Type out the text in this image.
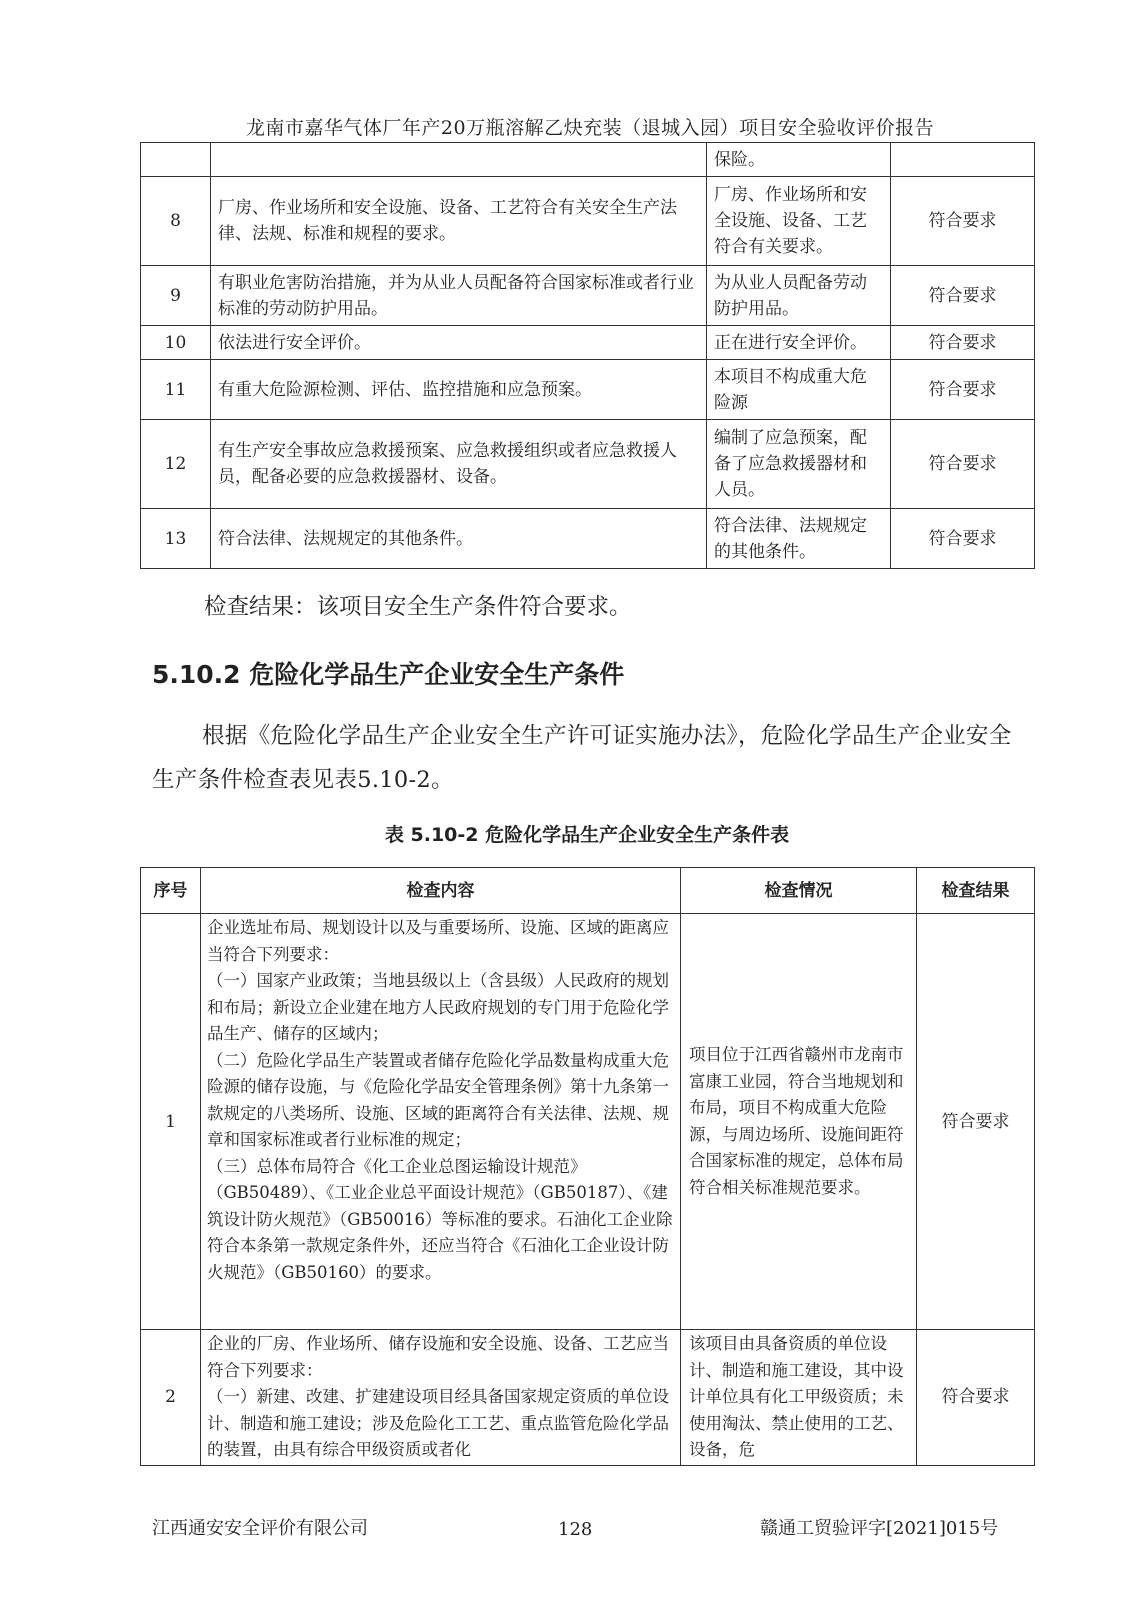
龙南市嘉华气体厂年产20万瓶溶解乙炔充装（退城入园）项目安全验收评价报告
		保险。	
8	厂房、作业场所和安全设施、设备、工艺符合有关安全生产法律、法规、标准和规程的要求。	厂房、作业场所和安全设施、设备、工艺符合有关要求。	符合要求
9	有职业危害防治措施，并为从业人员配备符合国家标准或者行业标准的劳动防护用品。	为从业人员配备劳动防护用品。	符合要求
10	依法进行安全评价。	正在进行安全评价。	符合要求
11	有重大危险源检测、评估、监控措施和应急预案。	本项目不构成重大危险源	符合要求
12	有生产安全事故应急救援预案、应急救援组织或者应急救援人员，配备必要的应急救援器材、设备。	编制了应急预案，配备了应急救援器材和人员。	符合要求
13	符合法律、法规规定的其他条件。	符合法律、法规规定的其他条件。	符合要求
检查结果：该项目安全生产条件符合要求。
5.10.2 危险化学品生产企业安全生产条件
根据《危险化学品生产企业安全生产许可证实施办法》，危险化学品生产企业安全生产条件检查表见表5.10-2。
表 5.10-2 危险化学品生产企业安全生产条件表
序号	检查内容	检查情况	检查结果
1	企业选址布局、规划设计以及与重要场所、设施、区域的距离应当符合下列要求：
（一）国家产业政策；当地县级以上（含县级）人民政府的规划和布局；新设立企业建在地方人民政府规划的专门用于危险化学品生产、储存的区域内；
（二）危险化学品生产装置或者储存危险化学品数量构成重大危险源的储存设施，与《危险化学品安全管理条例》第十九条第一款规定的八类场所、设施、区域的距离符合有关法律、法规、规章和国家标准或者行业标准的规定；
（三）总体布局符合《化工企业总图运输设计规范》（GB50489）、《工业企业总平面设计规范》（GB50187）、《建筑设计防火规范》（GB50016）等标准的要求。石油化工企业除符合本条第一款规定条件外，还应当符合《石油化工企业设计防火规范》（GB50160）的要求。	项目位于江西省赣州市龙南市富康工业园，符合当地规划和布局，项目不构成重大危险源，与周边场所、设施间距符合国家标准的规定，总体布局符合相关标准规范要求。	符合要求
2	企业的厂房、作业场所、储存设施和安全设施、设备、工艺应当符合下列要求：
（一）新建、改建、扩建建设项目经具备国家规定资质的单位设计、制造和施工建设；涉及危险化工工艺、重点监管危险化学品的装置，由具有综合甲级资质或者化	该项目由具备资质的单位设计、制造和施工建设，其中设计单位具有化工甲级资质；未使用淘汰、禁止使用的工艺、设备，危	符合要求
江西通安安全评价有限公司	128	赣通工贸验评字[2021]015号
